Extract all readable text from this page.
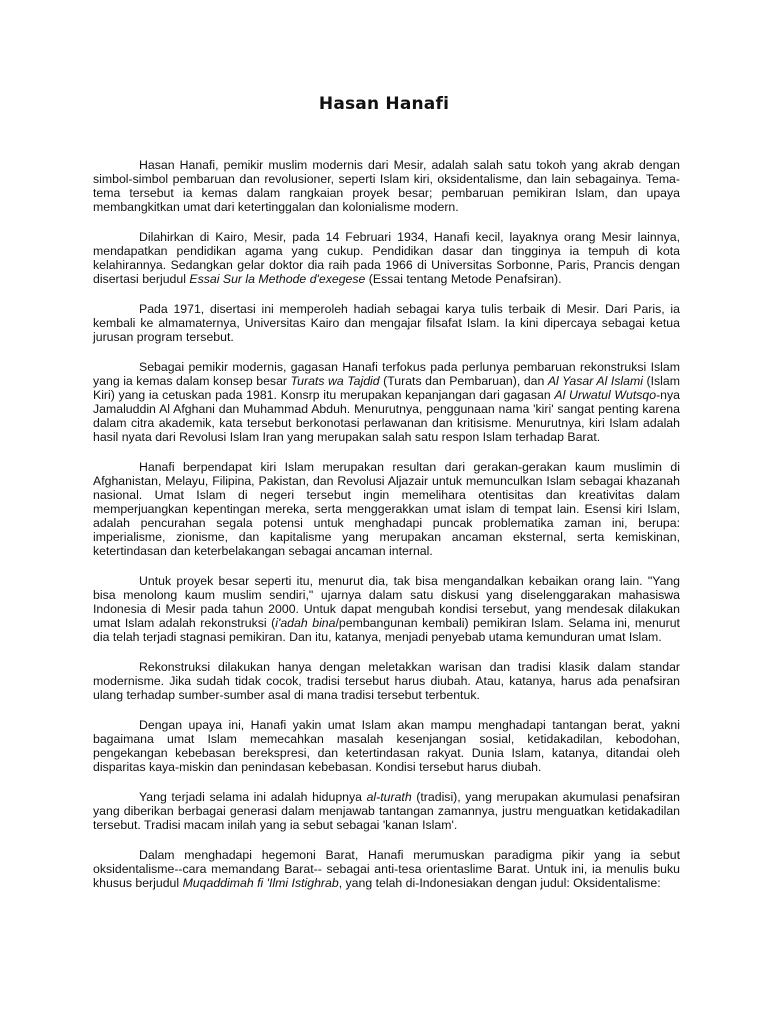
Hasan Hanafi

Hasan Hanafi, pemikir muslim modernis dari Mesir, adalah salah satu tokoh yang akrab dengan simbol-simbol pembaruan dan revolusioner, seperti Islam kiri, oksidentalisme, dan lain sebagainya. Tema-tema tersebut ia kemas dalam rangkaian proyek besar; pembaruan pemikiran Islam, dan upaya membangkitkan umat dari ketertinggalan dan kolonialisme modern.

Dilahirkan di Kairo, Mesir, pada 14 Februari 1934, Hanafi kecil, layaknya orang Mesir lainnya, mendapatkan pendidikan agama yang cukup. Pendidikan dasar dan tingginya ia tempuh di kota kelahirannya. Sedangkan gelar doktor dia raih pada 1966 di Universitas Sorbonne, Paris, Prancis dengan disertasi berjudul Essai Sur la Methode d'exegese (Essai tentang Metode Penafsiran).

Pada 1971, disertasi ini memperoleh hadiah sebagai karya tulis terbaik di Mesir. Dari Paris, ia kembali ke almamaternya, Universitas Kairo dan mengajar filsafat Islam. Ia kini dipercaya sebagai ketua jurusan program tersebut.

Sebagai pemikir modernis, gagasan Hanafi terfokus pada perlunya pembaruan rekonstruksi Islam yang ia kemas dalam konsep besar Turats wa Tajdid (Turats dan Pembaruan), dan Al Yasar Al Islami (Islam Kiri) yang ia cetuskan pada 1981. Konsrp itu merupakan kepanjangan dari gagasan Al Urwatul Wutsqo-nya Jamaluddin Al Afghani dan Muhammad Abduh. Menurutnya, penggunaan nama 'kiri' sangat penting karena dalam citra akademik, kata tersebut berkonotasi perlawanan dan kritisisme. Menurutnya, kiri Islam adalah hasil nyata dari Revolusi Islam Iran yang merupakan salah satu respon Islam terhadap Barat.

Hanafi berpendapat kiri Islam merupakan resultan dari gerakan-gerakan kaum muslimin di Afghanistan, Melayu, Filipina, Pakistan, dan Revolusi Aljazair untuk memunculkan Islam sebagai khazanah nasional. Umat Islam di negeri tersebut ingin memelihara otentisitas dan kreativitas dalam memperjuangkan kepentingan mereka, serta menggerakkan umat islam di tempat lain. Esensi kiri Islam, adalah pencurahan segala potensi untuk menghadapi puncak problematika zaman ini, berupa: imperialisme, zionisme, dan kapitalisme yang merupakan ancaman eksternal, serta kemiskinan, ketertindasan dan keterbelakangan sebagai ancaman internal.

Untuk proyek besar seperti itu, menurut dia, tak bisa mengandalkan kebaikan orang lain. "Yang bisa menolong kaum muslim sendiri," ujarnya dalam satu diskusi yang diselenggarakan mahasiswa Indonesia di Mesir pada tahun 2000. Untuk dapat mengubah kondisi tersebut, yang mendesak dilakukan umat Islam adalah rekonstruksi (i'adah bina/pembangunan kembali) pemikiran Islam. Selama ini, menurut dia telah terjadi stagnasi pemikiran. Dan itu, katanya, menjadi penyebab utama kemunduran umat Islam.

Rekonstruksi dilakukan hanya dengan meletakkan warisan dan tradisi klasik dalam standar modernisme. Jika sudah tidak cocok, tradisi tersebut harus diubah. Atau, katanya, harus ada penafsiran ulang terhadap sumber-sumber asal di mana tradisi tersebut terbentuk.

Dengan upaya ini, Hanafi yakin umat Islam akan mampu menghadapi tantangan berat, yakni bagaimana umat Islam memecahkan masalah kesenjangan sosial, ketidakadilan, kebodohan, pengekangan kebebasan berekspresi, dan ketertindasan rakyat. Dunia Islam, katanya, ditandai oleh disparitas kaya-miskin dan penindasan kebebasan. Kondisi tersebut harus diubah.

Yang terjadi selama ini adalah hidupnya al-turath (tradisi), yang merupakan akumulasi penafsiran yang diberikan berbagai generasi dalam menjawab tantangan zamannya, justru menguatkan ketidakadilan tersebut. Tradisi macam inilah yang ia sebut sebagai 'kanan Islam'.

Dalam menghadapi hegemoni Barat, Hanafi merumuskan paradigma pikir yang ia sebut oksidentalisme--cara memandang Barat-- sebagai anti-tesa orientaslime Barat. Untuk ini, ia menulis buku khusus berjudul Muqaddimah fi 'Ilmi Istighrab, yang telah di-Indonesiakan dengan judul: Oksidentalisme:
